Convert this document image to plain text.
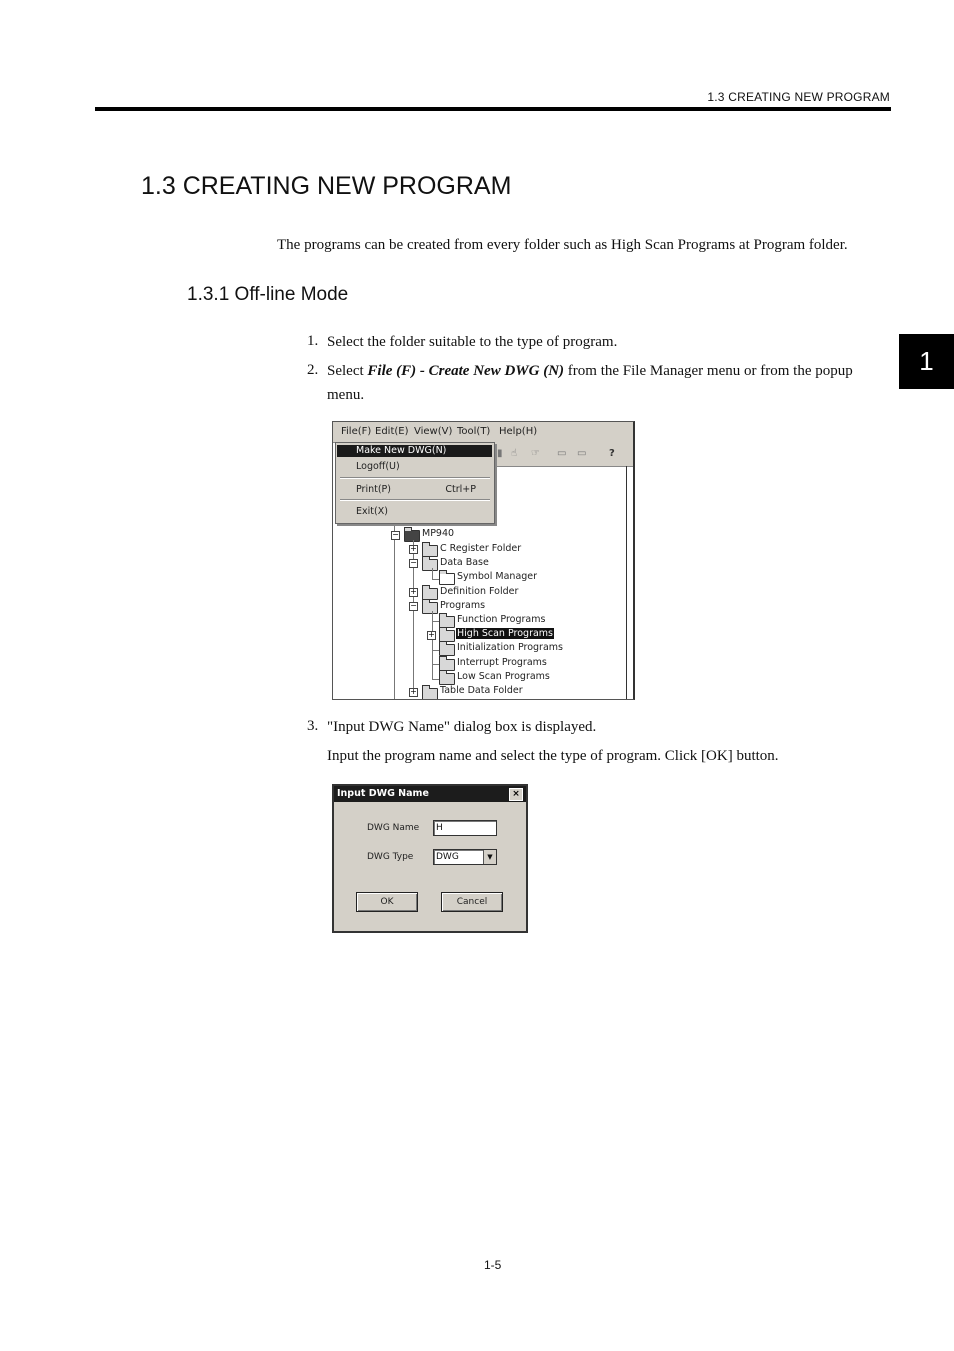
1.3 CREATING NEW PROGRAM
1.3 CREATING NEW PROGRAM
The programs can be created from every folder such as High Scan Programs at Program folder.
1.3.1 Off-line Mode
1
1. Select the folder suitable to the type of program.
2. Select File (F) - Create New DWG (N) from the File Manager menu or from the popup
menu.
File(F) Edit(E) View(V) Tool(T) Help(H)
▮ ☝	☞	▭	▭	?
Make New DWG(N)
Logoff(U)
Print(P)	Ctrl+P
Exit(X)
− MP940
+ C Register Folder
− Data Base
Symbol Manager
+ Definition Folder
− Programs
Function Programs
+ High Scan Programs
Initialization Programs
Interrupt Programs
Low Scan Programs
+ Table Data Folder
3. "Input DWG Name" dialog box is displayed.
Input the program name and select the type of program. Click [OK] button.
Input DWG Name	×
DWG Name	H
DWG Type	DWG	▼
OK	Cancel
1-5
